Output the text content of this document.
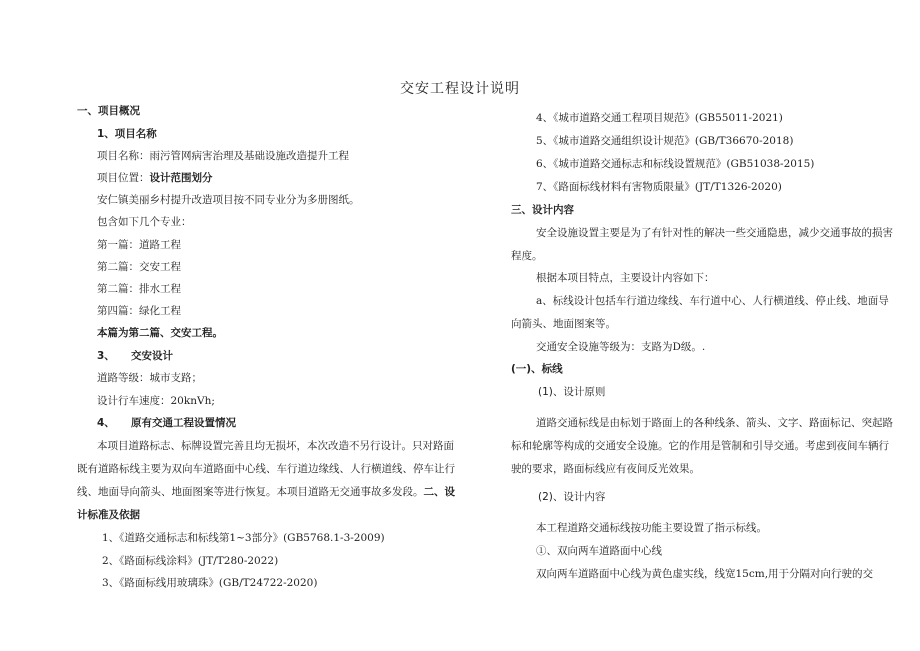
交安工程设计说明
一、项目概况
1、项目名称
项目名称：雨污管网病害治理及基础设施改造提升工程
项目位置：设计范围划分
安仁镇美丽乡村提升改造项目按不同专业分为多册图纸。
包含如下几个专业：
第一篇：道路工程
第二篇：交安工程
第二篇：排水工程
第四篇：绿化工程
本篇为第二篇、交安工程。
3、 交安设计
道路等级：城市支路；
设计行车速度：20knVh;
4、 原有交通工程设置情况
本项目道路标志、标牌设置完善且均无损坏，本次改造不另行设计。只对路面
既有道路标线主要为双向车道路面中心线、车行道边缘线、人行横道线、停车让行
线、地面导向箭头、地面图案等进行恢复。本项目道路无交通事故多发段。二、设
计标准及依据
1、《道路交通标志和标线第1~3部分》(GB5768.1-3-2009)
2、《路面标线涂料》(JT/T280-2022)
3、《路面标线用玻璃珠》(GB/T24722-2020)
4、《城市道路交通工程项目规范》(GB55011-2021)
5、《城市道路交通组织设计规范》(GB/T36670-2018)
6、《城市道路交通标志和标线设置规范》(GB51038-2015)
7、《路面标线材料有害物质限量》(JT/T1326-2020)
三、设计内容
安全设施设置主要是为了有针对性的解决一些交通隐患，减少交通事故的损害
程度。
根据本项目特点，主要设计内容如下：
a、标线设计包括车行道边缘线、车行道中心、人行横道线、停止线、地面导
向箭头、地面图案等。
交通安全设施等级为：支路为D级。.
(一)、标线
(1)、设计原则
道路交通标线是由标划于路面上的各种线条、箭头、文字、路面标记、突起路
标和轮廓等构成的交通安全设施。它的作用是管制和引导交通。考虑到夜间车辆行
驶的要求，路面标线应有夜间反光效果。
(2)、设计内容
本工程道路交通标线按功能主要设置了指示标线。
①、双向两车道路面中心线
双向两车道路面中心线为黄色虚实线，线宽15cm,用于分隔对向行驶的交
